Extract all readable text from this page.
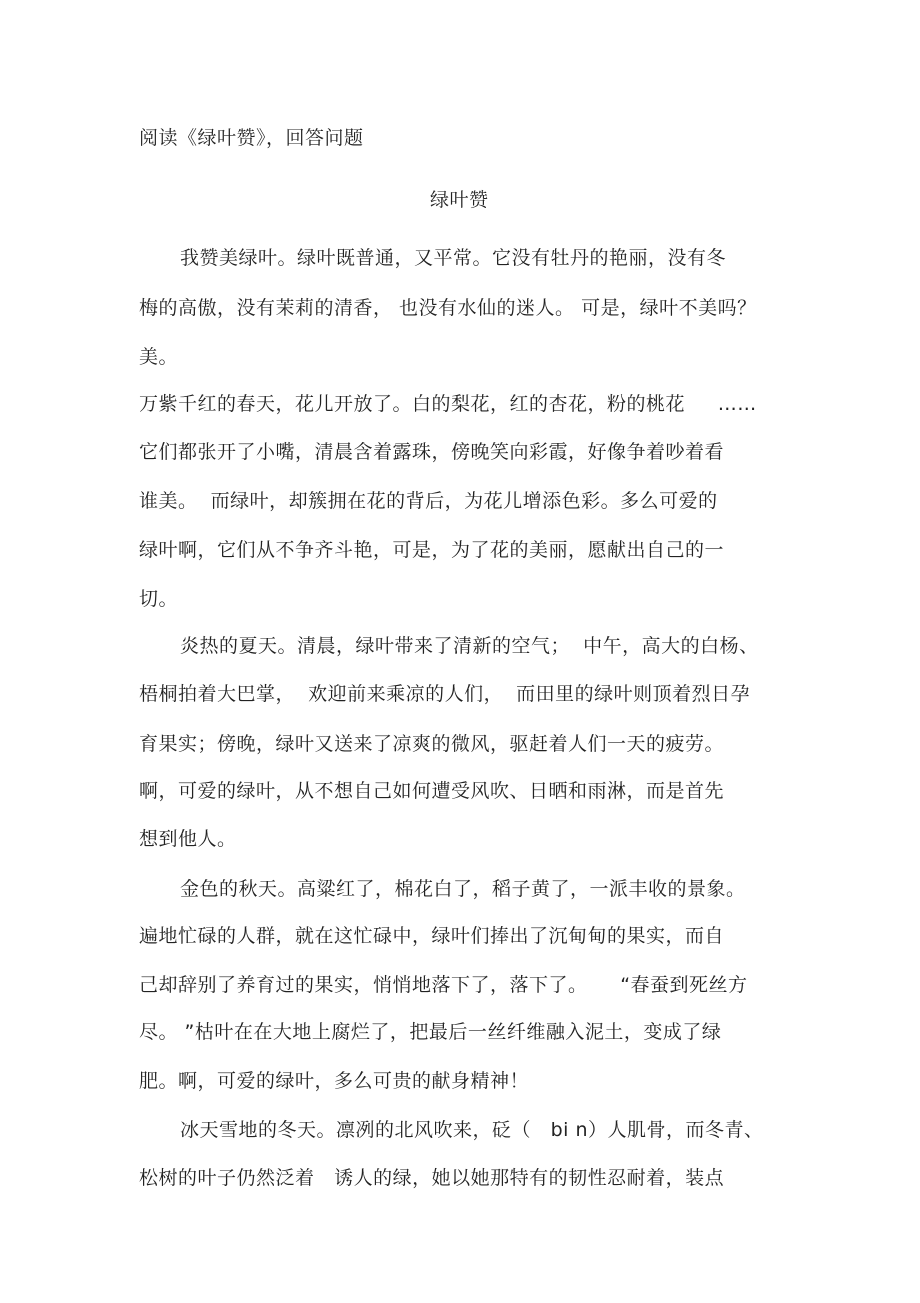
阅读《绿叶赞》，回答问题
绿叶赞
我赞美绿叶。绿叶既普通，又平常。它没有牡丹的艳丽，没有冬
梅的高傲，没有茉莉的清香， 也没有水仙的迷人。 可是，绿叶不美吗？
美。
万紫千红的春天，花儿开放了。白的梨花，红的杏花，粉的桃花     ……
它们都张开了小嘴，清晨含着露珠，傍晚笑向彩霞，好像争着吵着看
谁美。  而绿叶，却簇拥在花的背后，为花儿增添色彩。多么可爱的
绿叶啊，它们从不争齐斗艳，可是，为了花的美丽，愿献出自己的一
切。
炎热的夏天。清晨，绿叶带来了清新的空气；  中午，高大的白杨、
梧桐拍着大巴掌，  欢迎前来乘凉的人们，  而田里的绿叶则顶着烈日孕
育果实；傍晚，绿叶又送来了凉爽的微风，驱赶着人们一天的疲劳。
啊，可爱的绿叶，从不想自己如何遭受风吹、日晒和雨淋，而是首先
想到他人。
金色的秋天。高粱红了，棉花白了，稻子黄了，一派丰收的景象。
遍地忙碌的人群，就在这忙碌中，绿叶们捧出了沉甸甸的果实，而自
己却辞别了养育过的果实，悄悄地落下了，落下了。     “春蚕到死丝方
尽。 ”枯叶在在大地上腐烂了，把最后一丝纤维融入泥土，变成了绿
肥。啊，可爱的绿叶，多么可贵的献身精神！
冰天雪地的冬天。凛冽的北风吹来，砭（   bi n）人肌骨，而冬青、
松树的叶子仍然泛着   诱人的绿，她以她那特有的韧性忍耐着，装点
